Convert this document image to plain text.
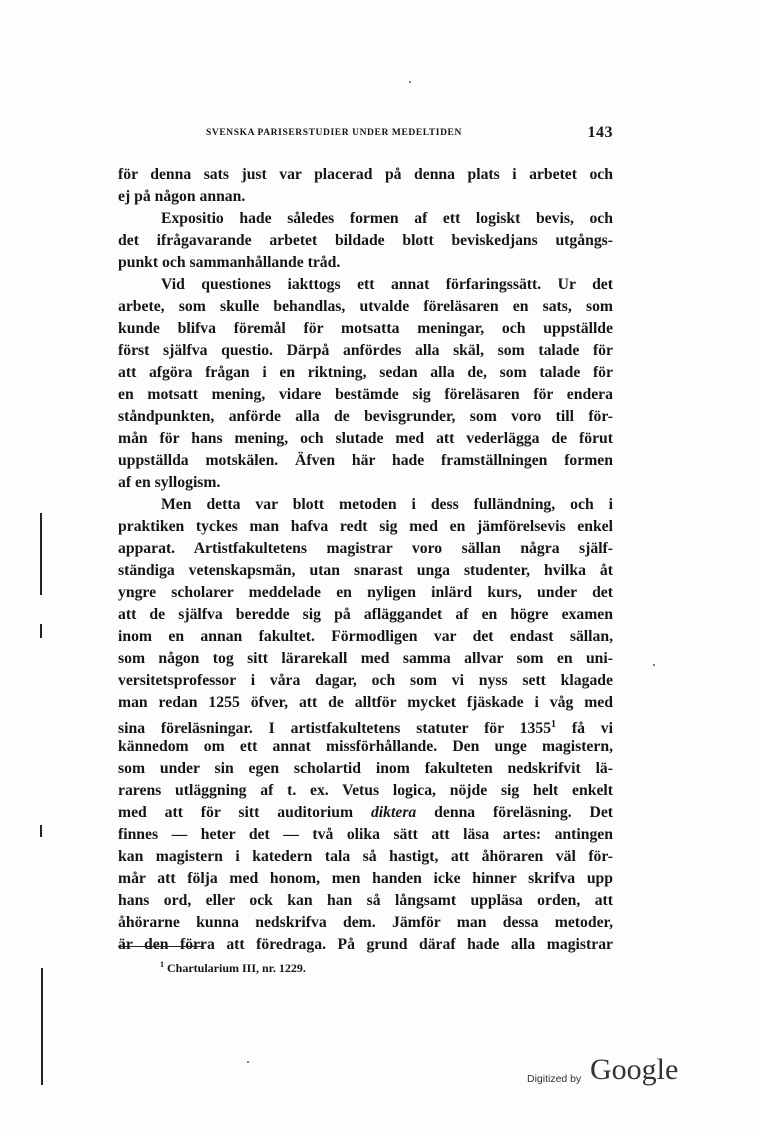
SVENSKA PARISERSTUDIER UNDER MEDELTIDEN	143
för denna sats just var placerad på denna plats i arbetet och
ej på någon annan.
Expositio hade således formen af ett logiskt bevis, och
det ifrågavarande arbetet bildade blott beviskedjans utgångs-
punkt och sammanhållande tråd.
Vid questiones iakttogs ett annat förfaringssätt. Ur det
arbete, som skulle behandlas, utvalde föreläsaren en sats, som
kunde blifva föremål för motsatta meningar, och uppställde
först själfva questio. Därpå anfördes alla skäl, som talade för
att afgöra frågan i en riktning, sedan alla de, som talade för
en motsatt mening, vidare bestämde sig föreläsaren för endera
ståndpunkten, anförde alla de bevisgrunder, som voro till för-
mån för hans mening, och slutade med att vederlägga de förut
uppställda motskälen. Äfven här hade framställningen formen
af en syllogism.
Men detta var blott metoden i dess fulländning, och i
praktiken tyckes man hafva redt sig med en jämförelsevis enkel
apparat. Artistfakultetens magistrar voro sällan några själf-
ständiga vetenskapsmän, utan snarast unga studenter, hvilka åt
yngre scholarer meddelade en nyligen inlärd kurs, under det
att de själfva beredde sig på afläggandet af en högre examen
inom en annan fakultet. Förmodligen var det endast sällan,
som någon tog sitt lärarekall med samma allvar som en uni-
versitetsprofessor i våra dagar, och som vi nyss sett klagade
man redan 1255 öfver, att de alltför mycket fjäskade i våg med
sina föreläsningar. I artistfakultetens statuter för 1355$^1$ få vi
kännedom om ett annat missförhållande. Den unge magistern,
som under sin egen scholartid inom fakulteten nedskrifvit lä-
rarens utläggning af t. ex. Vetus logica, nöjde sig helt enkelt
med att för sitt auditorium diktera denna föreläsning. Det
finnes — heter det — två olika sätt att läsa artes: antingen
kan magistern i katedern tala så hastigt, att åhöraren väl för-
mår att följa med honom, men handen icke hinner skrifva upp
hans ord, eller ock kan han så långsamt uppläsa orden, att
åhörarne kunna nedskrifva dem. Jämför man dessa metoder,
är den förra att föredraga. På grund däraf hade alla magistrar
$^1$ Chartularium III, nr. 1229.
Digitized by Google
